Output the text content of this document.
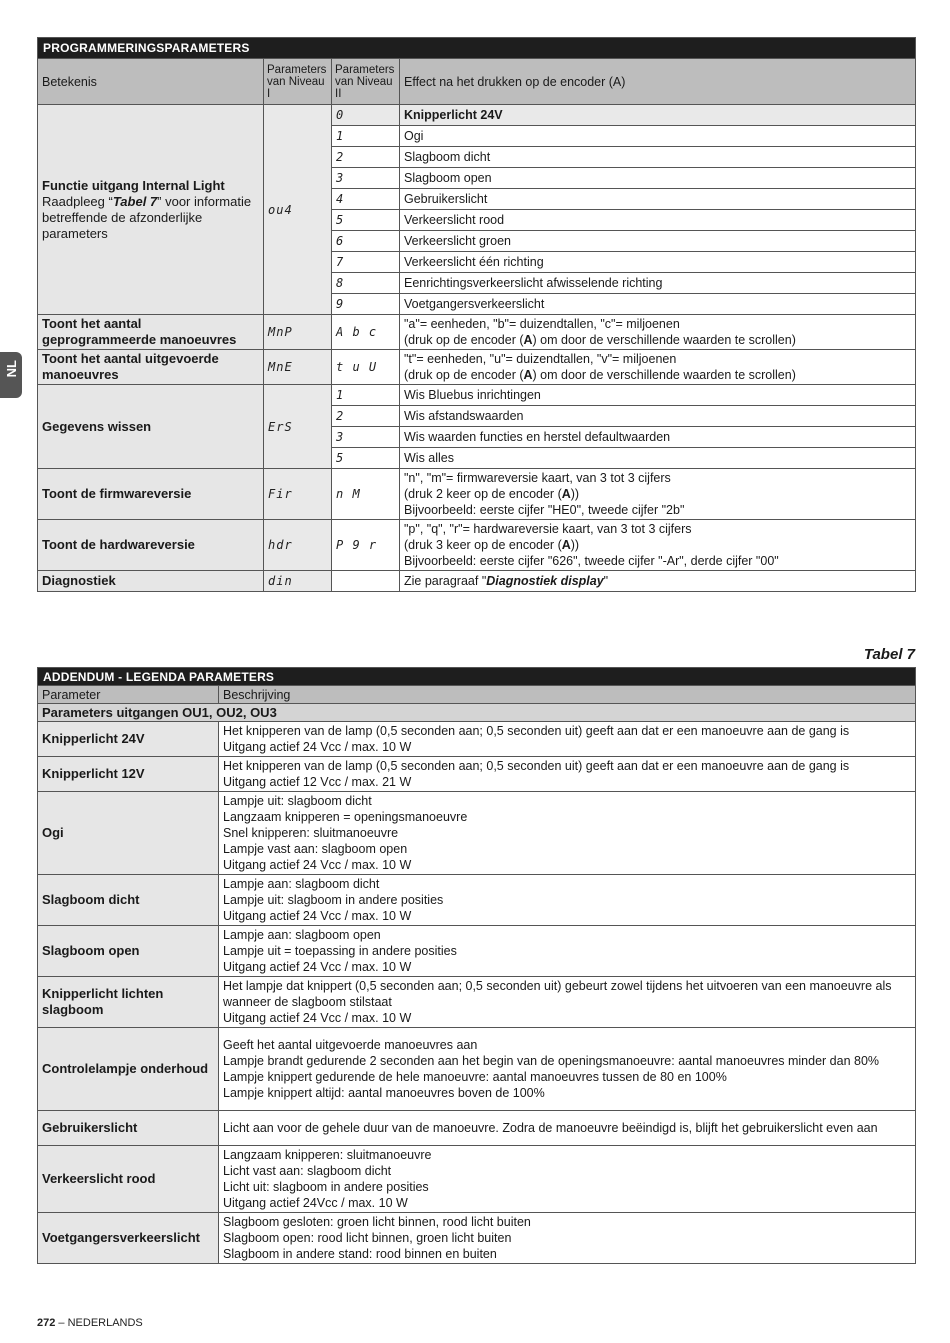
NL
PROGRAMMERINGSPARAMETERS			
Betekenis	Parameters van Niveau I	Parameters van Niveau II	Effect na het drukken op de encoder (A)

Functie uitgang Internal Light
Raadpleeg “Tabel 7” voor informatie betreffende de afzonderlijke parameters	ou4	0	Knipperlicht 24V
		1	Ogi
		2	Slagboom dicht
		3	Slagboom open
		4	Gebruikerslicht
		5	Verkeerslicht rood
		6	Verkeerslicht groen
		7	Verkeerslicht één richting
		8	Eenrichtingsverkeerslicht afwisselende richting
		9	Voetgangersverkeerslicht
Toont het aantal geprogrammeerde manoeuvres	MnP	A b c	"a"= eenheden, "b"= duizendtallen, "c"= miljoenen
(druk op de encoder (A) om door de verschillende waarden te scrollen)

Toont het aantal uitgevoerde manoeuvres	MnE	t u U	"t"= eenheden, "u"= duizendtallen, "v"= miljoenen
(druk op de encoder (A) om door de verschillende waarden te scrollen)

Gegevens wissen	ErS	1	Wis Bluebus inrichtingen
		2	Wis afstandswaarden
		3	Wis waarden functies en herstel defaultwaarden
		5	Wis alles
Toont de firmwareversie	Fir	n M	"n", "m"= firmwareversie kaart, van 3 tot 3 cijfers
(druk 2 keer op de encoder (A))
Bijvoorbeeld: eerste cijfer "HE0", tweede cijfer "2b"

Toont de hardwareversie	hdr	P 9 r	"p", "q", "r"= hardwareversie kaart, van 3 tot 3 cijfers
(druk 3 keer op de encoder (A))
Bijvoorbeeld: eerste cijfer "626", tweede cijfer "-Ar", derde cijfer "00"

Diagnostiek	din		Zie paragraaf "Diagnostiek display"
Tabel 7
ADDENDUM - LEGENDA PARAMETERS	
Parameter	Beschrijving
Parameters uitgangen OU1, OU2, OU3	
Knipperlicht 24V	Het knipperen van de lamp (0,5 seconden aan; 0,5 seconden uit) geeft aan dat er een manoeuvre aan de gang is
Uitgang actief 24 Vcc / max. 10 W

Knipperlicht 12V	Het knipperen van de lamp (0,5 seconden aan; 0,5 seconden uit) geeft aan dat er een manoeuvre aan de gang is
Uitgang actief 12 Vcc / max. 21 W

Ogi	Lampje uit: slagboom dicht
Langzaam knipperen = openingsmanoeuvre
Snel knipperen: sluitmanoeuvre
Lampje vast aan: slagboom open
Uitgang actief 24 Vcc / max. 10 W

Slagboom dicht	Lampje aan: slagboom dicht
Lampje uit: slagboom in andere posities
Uitgang actief 24 Vcc / max. 10 W

Slagboom open	Lampje aan: slagboom open
Lampje uit = toepassing in andere posities
Uitgang actief 24 Vcc / max. 10 W

Knipperlicht lichten slagboom	Het lampje dat knippert (0,5 seconden aan; 0,5 seconden uit) gebeurt zowel tijdens het uitvoeren van een manoeuvre als wanneer de slagboom stilstaat
Uitgang actief 24 Vcc / max. 10 W

Controlelampje onderhoud	Geeft het aantal uitgevoerde manoeuvres aan
Lampje brandt gedurende 2 seconden aan het begin van de openingsmanoeuvre: aantal manoeuvres minder dan 80%
Lampje knippert gedurende de hele manoeuvre: aantal manoeuvres tussen de 80 en 100%
Lampje knippert altijd: aantal manoeuvres boven de 100%

Gebruikerslicht	Licht aan voor de gehele duur van de manoeuvre. Zodra de manoeuvre beëindigd is, blijft het gebruikerslicht even aan

Verkeerslicht rood	Langzaam knipperen: sluitmanoeuvre
Licht vast aan: slagboom dicht
Licht uit: slagboom in andere posities
Uitgang actief 24Vcc / max. 10 W

Voetgangersverkeerslicht	Slagboom gesloten: groen licht binnen, rood licht buiten
Slagboom open: rood licht binnen, groen licht buiten
Slagboom in andere stand: rood binnen en buiten
272 – NEDERLANDS
